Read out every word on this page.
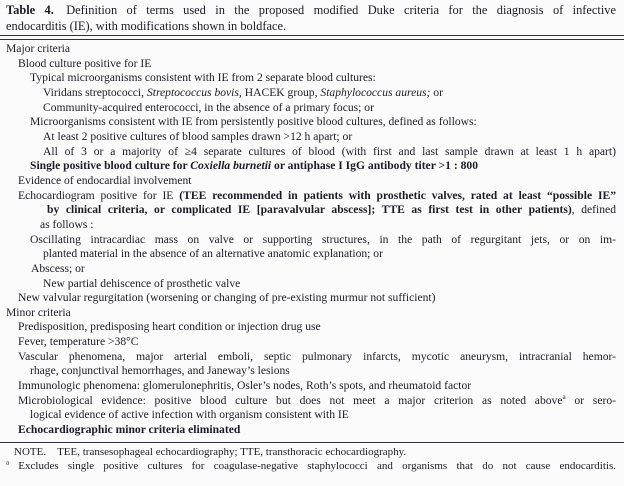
Table 4.  Definition of terms used in the proposed modified Duke criteria for the diagnosis of infective
endocarditis (IE), with modifications shown in boldface.
Major criteria
Blood culture positive for IE
Typical microorganisms consistent with IE from 2 separate blood cultures:
Viridans streptococci, Streptococcus bovis, HACEK group, Staphylococcus aureus; or
Community-acquired enterococci, in the absence of a primary focus; or
Microorganisms consistent with IE from persistently positive blood cultures, defined as follows:
At least 2 positive cultures of blood samples drawn >12 h apart; or
All of 3 or a majority of ≥4 separate cultures of blood (with first and last sample drawn at least 1 h apart)
Single positive blood culture for Coxiella burnetii or antiphase I IgG antibody titer >1 : 800
Evidence of endocardial involvement
Echocardiogram positive for IE (TEE recommended in patients with prosthetic valves, rated at least “possible IE”
by clinical criteria, or complicated IE [paravalvular abscess]; TTE as first test in other patients), defined
as follows :
Oscillating intracardiac mass on valve or supporting structures, in the path of regurgitant jets, or on im-
planted material in the absence of an alternative anatomic explanation; or
Abscess; or
New partial dehiscence of prosthetic valve
New valvular regurgitation (worsening or changing of pre-existing murmur not sufficient)
Minor criteria
Predisposition, predisposing heart condition or injection drug use
Fever, temperature >38°C
Vascular phenomena, major arterial emboli, septic pulmonary infarcts, mycotic aneurysm, intracranial hemor-
rhage, conjunctival hemorrhages, and Janeway’s lesions
Immunologic phenomena: glomerulonephritis, Osler’s nodes, Roth’s spots, and rheumatoid factor
Microbiological evidence: positive blood culture but does not meet a major criterion as noted above$^a$ or sero-
logical evidence of active infection with organism consistent with IE
Echocardiographic minor criteria eliminated
NOTE.  TEE, transesophageal echocardiography; TTE, transthoracic echocardiography.
$^a$ Excludes single positive cultures for coagulase-negative staphylococci and organisms that do not cause endocarditis.
